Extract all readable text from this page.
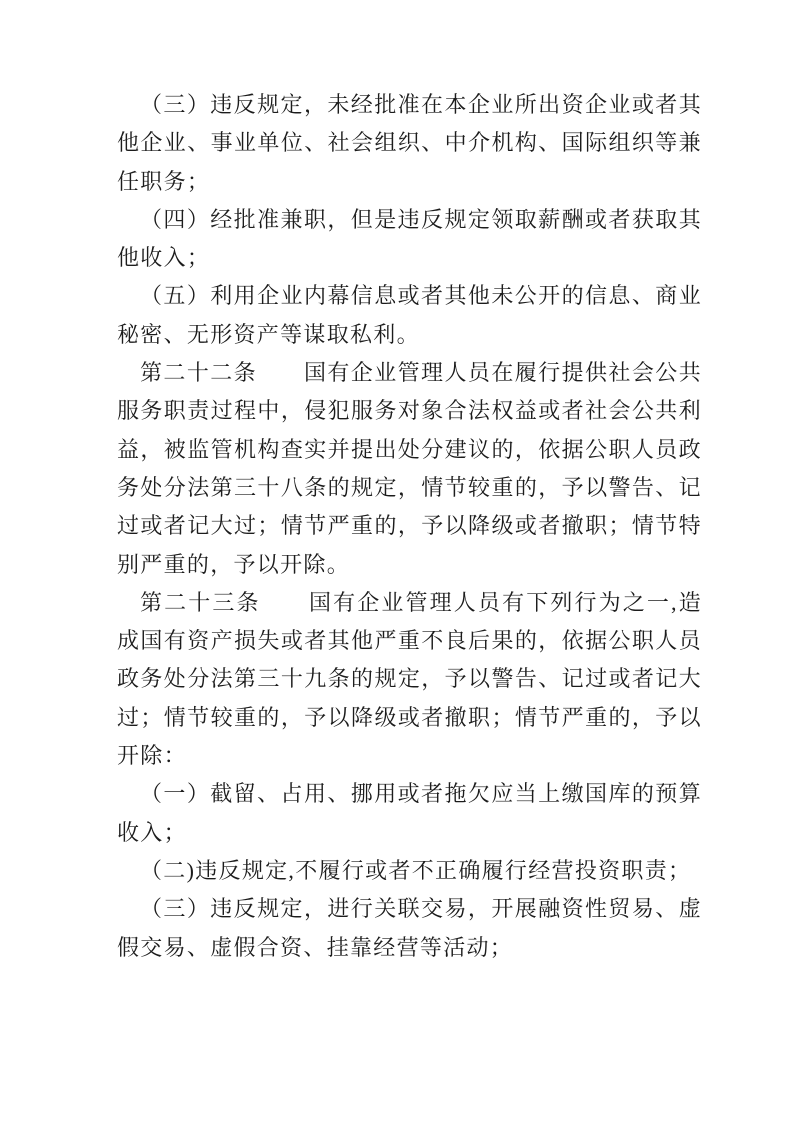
（三）违反规定，未经批准在本企业所出资企业或者其他企业、事业单位、社会组织、中介机构、国际组织等兼任职务；

（四）经批准兼职，但是违反规定领取薪酬或者获取其他收入；

（五）利用企业内幕信息或者其他未公开的信息、商业秘密、无形资产等谋取私利。

第二十二条　　国有企业管理人员在履行提供社会公共服务职责过程中，侵犯服务对象合法权益或者社会公共利益，被监管机构查实并提出处分建议的，依据公职人员政务处分法第三十八条的规定，情节较重的，予以警告、记过或者记大过；情节严重的，予以降级或者撤职；情节特别严重的，予以开除。

第二十三条　　国有企业管理人员有下列行为之一,造成国有资产损失或者其他严重不良后果的，依据公职人员政务处分法第三十九条的规定，予以警告、记过或者记大过；情节较重的，予以降级或者撤职；情节严重的，予以开除：

（一）截留、占用、挪用或者拖欠应当上缴国库的预算收入；

（二)违反规定,不履行或者不正确履行经营投资职责；

（三）违反规定，进行关联交易，开展融资性贸易、虚假交易、虚假合资、挂靠经营等活动；
